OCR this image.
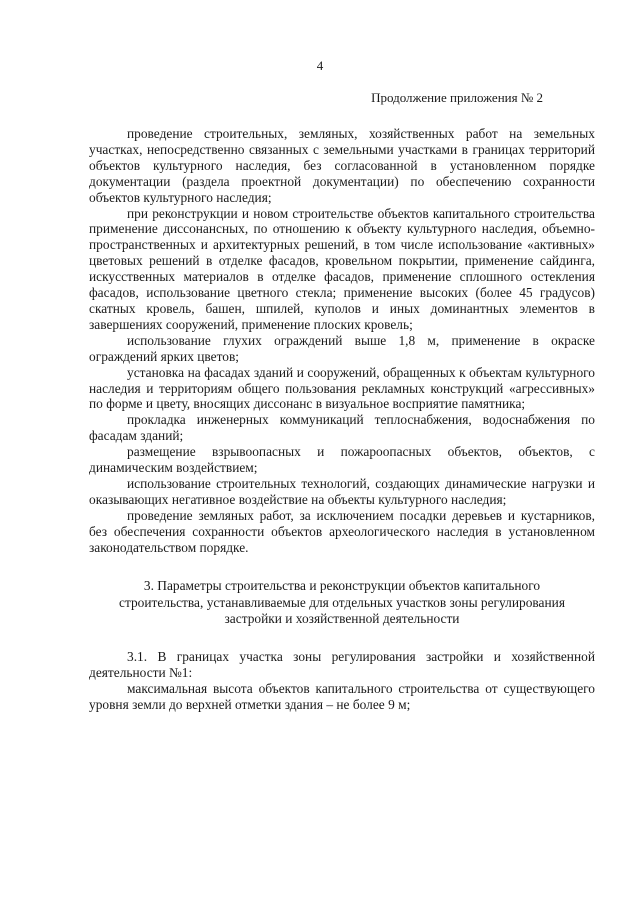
4
Продолжение приложения № 2

проведение строительных, земляных, хозяйственных работ на земельных участках, непосредственно связанных с земельными участками в границах территорий объектов культурного наследия, без согласованной в установленном порядке документации (раздела проектной документации) по обеспечению сохранности объектов культурного наследия;

при реконструкции и новом строительстве объектов капитального строительства применение диссонансных, по отношению к объекту культурного наследия, объемно-пространственных и архитектурных решений, в том числе использование «активных» цветовых решений в отделке фасадов, кровельном покрытии, применение сайдинга, искусственных материалов в отделке фасадов, применение сплошного остекления фасадов, использование цветного стекла; применение высоких (более 45 градусов) скатных кровель, башен, шпилей, куполов и иных доминантных элементов в завершениях сооружений, применение плоских кровель;

использование глухих ограждений выше 1,8 м, применение в окраске ограждений ярких цветов;

установка на фасадах зданий и сооружений, обращенных к объектам культурного наследия и территориям общего пользования рекламных конструкций «агрессивных» по форме и цвету, вносящих диссонанс в визуальное восприятие памятника;

прокладка инженерных коммуникаций теплоснабжения, водоснабжения по фасадам зданий;

размещение взрывоопасных и пожароопасных объектов, объектов, с динамическим воздействием;

использование строительных технологий, создающих динамические нагрузки и оказывающих негативное воздействие на объекты культурного наследия;

проведение земляных работ, за исключением посадки деревьев и кустарников, без обеспечения сохранности объектов археологического наследия в установленном законодательством порядке.

3. Параметры строительства и реконструкции объектов капитального строительства, устанавливаемые для отдельных участков зоны регулирования застройки и хозяйственной деятельности

3.1. В границах участка зоны регулирования застройки и хозяйственной деятельности №1:

максимальная высота объектов капитального строительства от существующего уровня земли до верхней отметки здания – не более 9 м;
